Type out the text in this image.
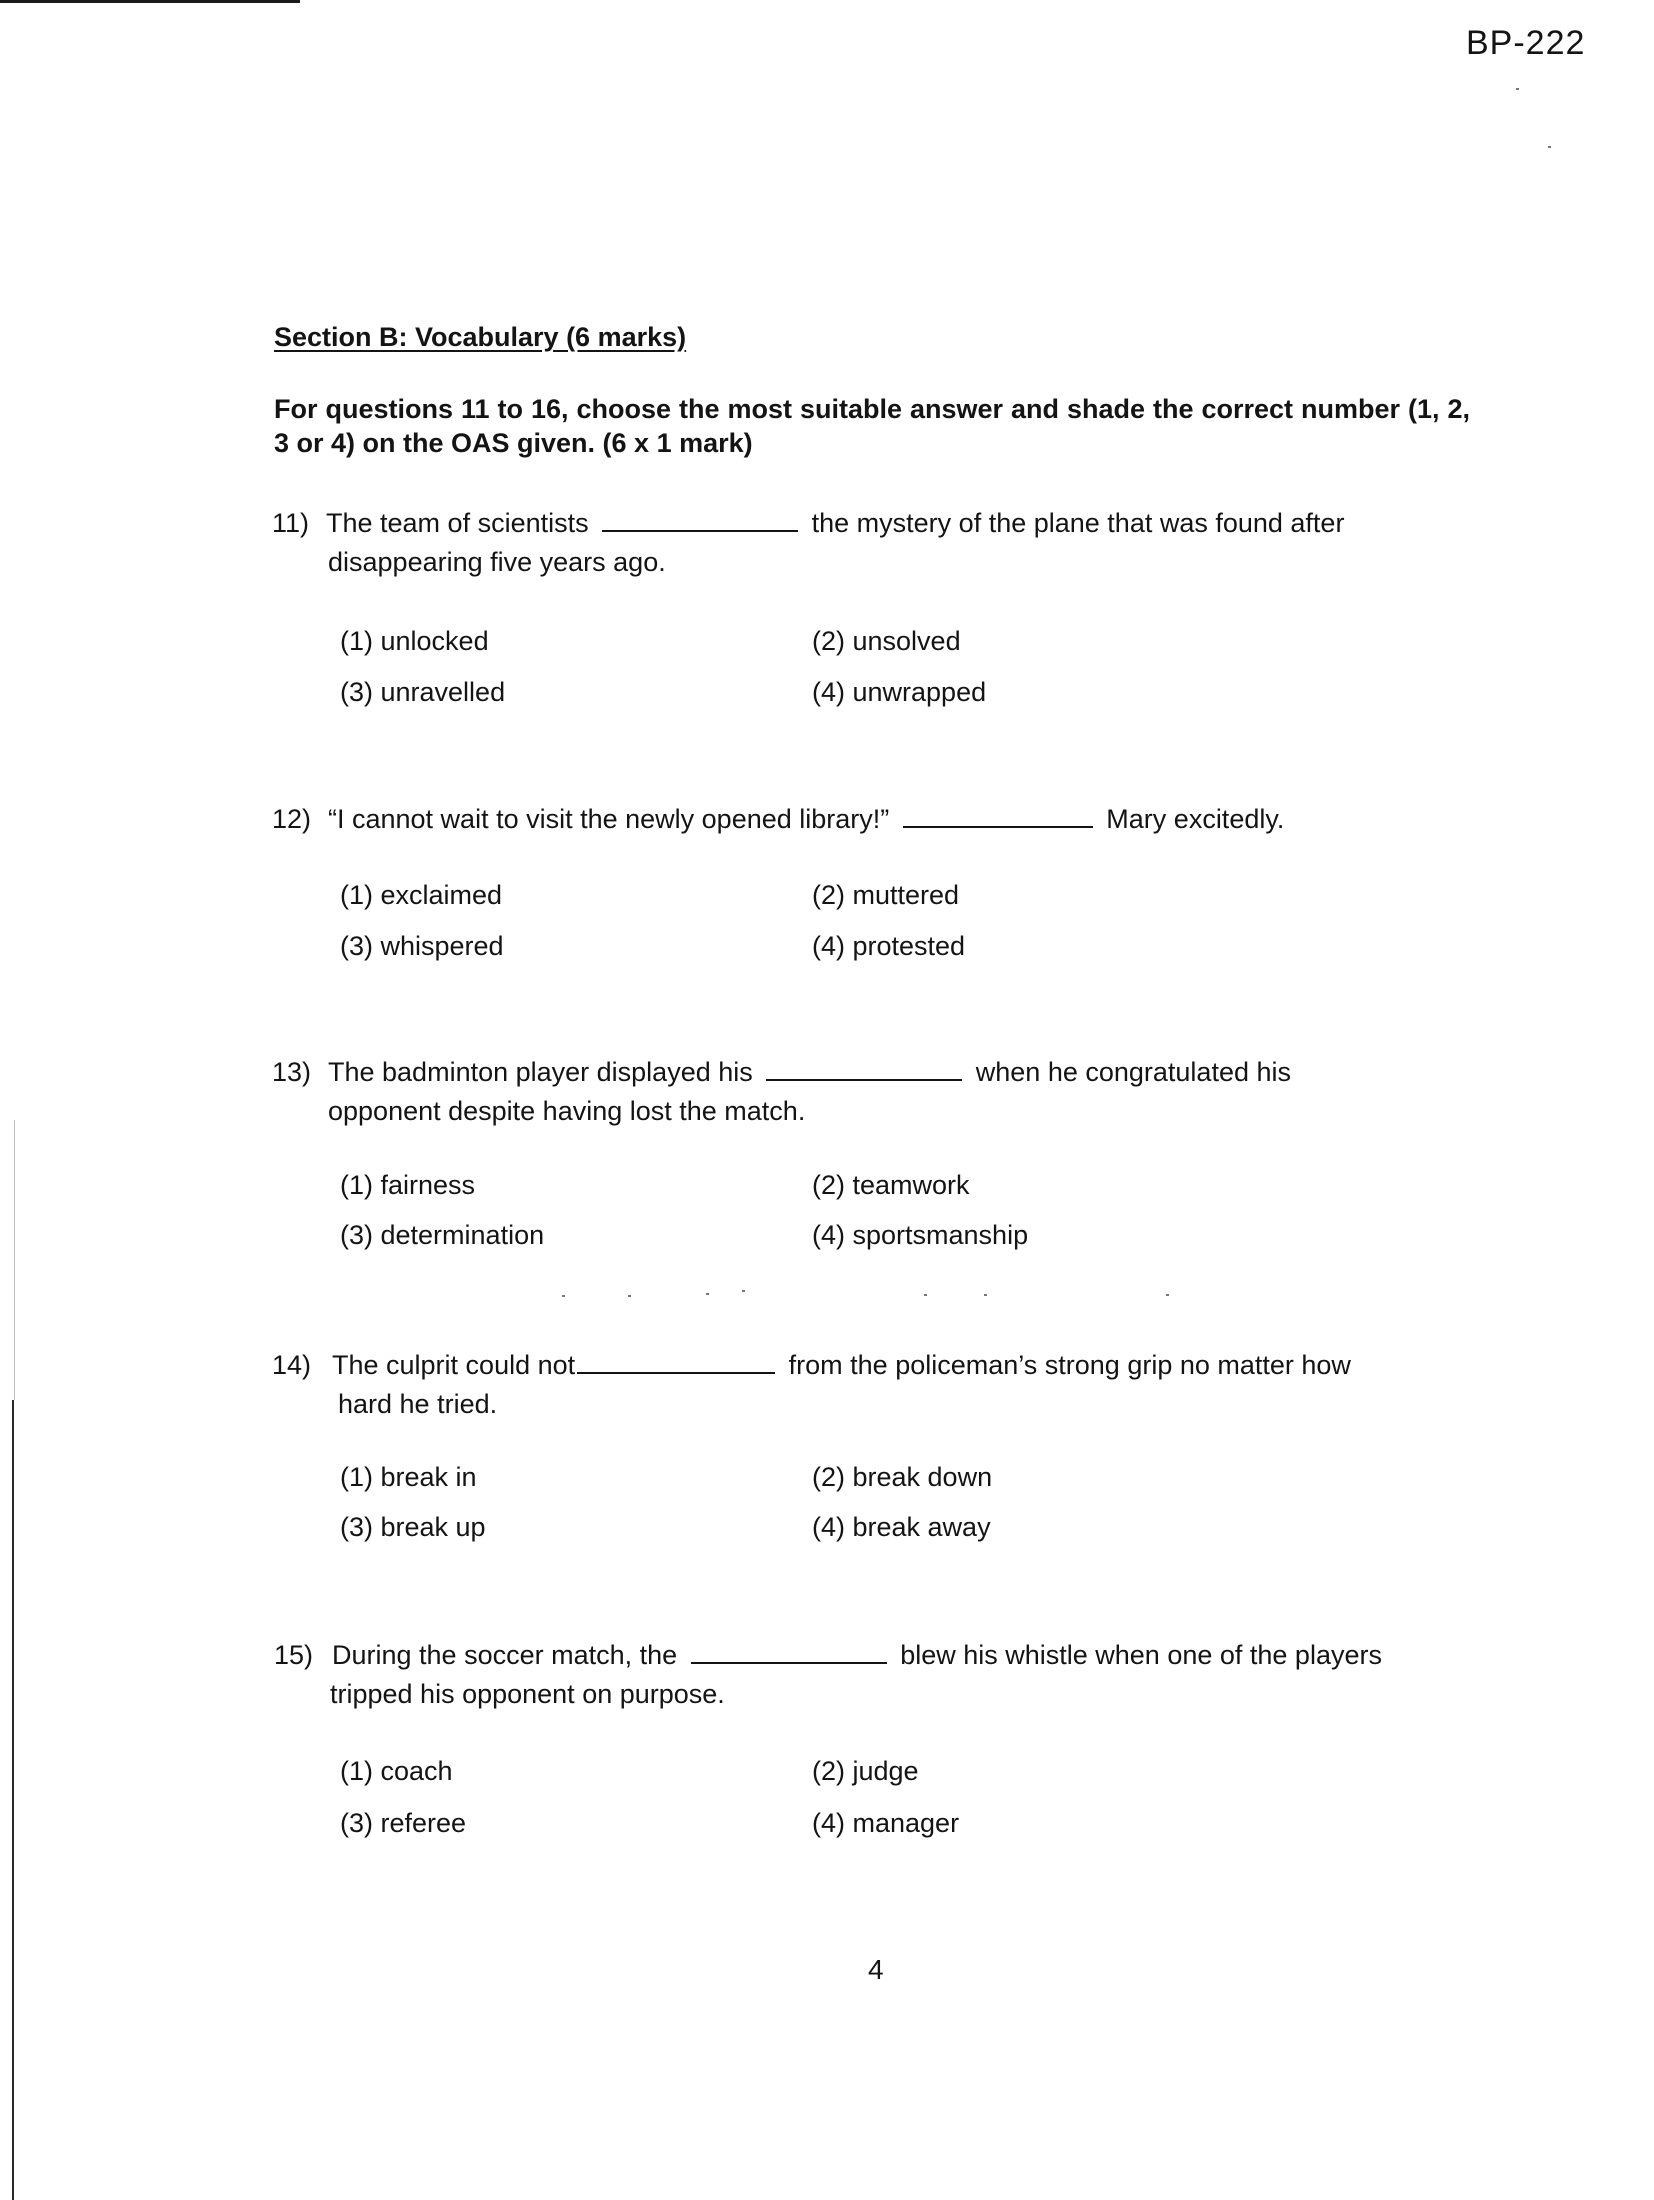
BP-222
Section B: Vocabulary (6 marks)
For questions 11 to 16, choose the most suitable answer and shade the correct number (1, 2, 3 or 4) on the OAS given. (6 x 1 mark)
11) The team of scientists	the mystery of the plane that was found after
disappearing five years ago.
(1) unlocked	(2) unsolved
(3) unravelled	(4) unwrapped
12) “I cannot wait to visit the newly opened library!”	Mary excitedly.
(1) exclaimed	(2) muttered
(3) whispered	(4) protested
13) The badminton player displayed his	when he congratulated his
opponent despite having lost the match.
(1) fairness	(2) teamwork
(3) determination	(4) sportsmanship
14) The culprit could not	from the policeman’s strong grip no matter how
hard he tried.
(1) break in	(2) break down
(3) break up	(4) break away
15) During the soccer match, the	blew his whistle when one of the players
tripped his opponent on purpose.
(1) coach	(2) judge
(3) referee	(4) manager
4
